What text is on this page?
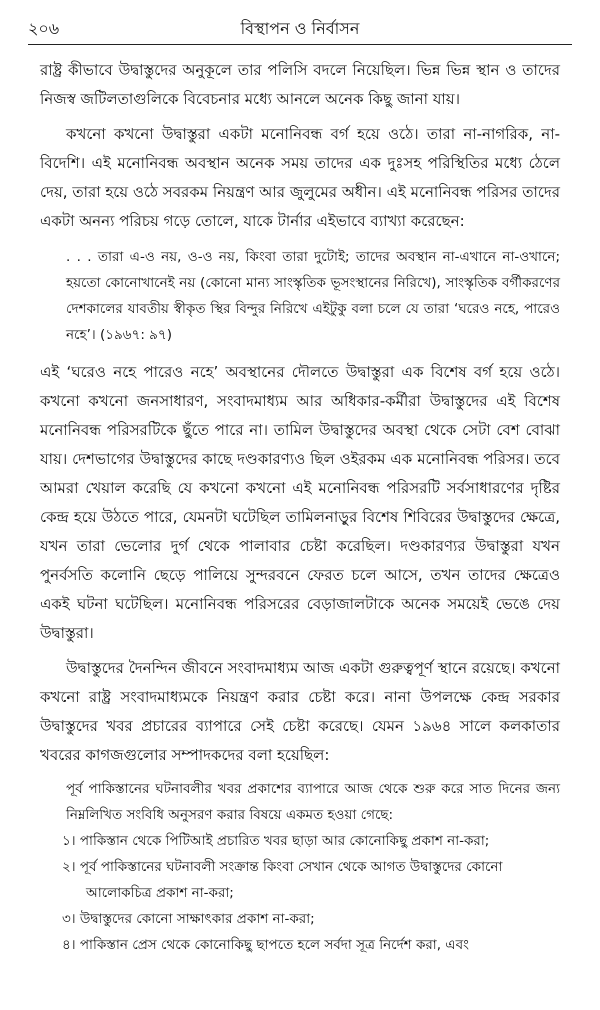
২০৬	বিস্থাপন ও নির্বাসন

রাষ্ট্র কীভাবে উদ্বাস্তুদের অনুকূলে তার পলিসি বদলে নিয়েছিল। ভিন্ন ভিন্ন স্থান ও তাদের নিজস্ব জটিলতাগুলিকে বিবেচনার মধ্যে আনলে অনেক কিছু জানা যায়।

কখনো কখনো উদ্বাস্তুরা একটা মনোনিবন্ধ বর্গ হয়ে ওঠে। তারা না-নাগরিক, না-বিদেশি। এই মনোনিবন্ধ অবস্থান অনেক সময় তাদের এক দুঃসহ পরিস্থিতির মধ্যে ঠেলে দেয়, তারা হয়ে ওঠে সবরকম নিয়ন্ত্রণ আর জুলুমের অধীন। এই মনোনিবন্ধ পরিসর তাদের একটা অনন্য পরিচয় গড়ে তোলে, যাকে টার্নার এইভাবে ব্যাখ্যা করেছেন:

. . . তারা এ-ও নয়, ও-ও নয়, কিংবা তারা দুটোই; তাদের অবস্থান না-এখানে না-ওখানে; হয়তো কোনোখানেই নয় (কোনো মান্য সাংস্কৃতিক ভূসংস্থানের নিরিখে), সাংস্কৃতিক বর্গীকরণের দেশকালের যাবতীয় স্বীকৃত স্থির বিন্দুর নিরিখে এইটুকু বলা চলে যে তারা ‘ঘরেও নহে, পারেও নহে’। (১৯৬৭: ৯৭)

এই ‘ঘরেও নহে পারেও নহে’ অবস্থানের দৌলতে উদ্বাস্তুরা এক বিশেষ বর্গ হয়ে ওঠে। কখনো কখনো জনসাধারণ, সংবাদমাধ্যম আর অধিকার-কর্মীরা উদ্বাস্তুদের এই বিশেষ মনোনিবন্ধ পরিসরটিকে ছুঁতে পারে না। তামিল উদ্বাস্তুদের অবস্থা থেকে সেটা বেশ বোঝা যায়। দেশভাগের উদ্বাস্তুদের কাছে দণ্ডকারণ্যও ছিল ওইরকম এক মনোনিবন্ধ পরিসর। তবে আমরা খেয়াল করেছি যে কখনো কখনো এই মনোনিবন্ধ পরিসরটি সর্বসাধারণের দৃষ্টির কেন্দ্র হয়ে উঠতে পারে, যেমনটা ঘটেছিল তামিলনাড়ুর বিশেষ শিবিরের উদ্বাস্তুদের ক্ষেত্রে, যখন তারা ভেলোর দুর্গ থেকে পালাবার চেষ্টা করেছিল। দণ্ডকারণ্যর উদ্বাস্তুরা যখন পুনর্বসতি কলোনি ছেড়ে পালিয়ে সুন্দরবনে ফেরত চলে আসে, তখন তাদের ক্ষেত্রেও একই ঘটনা ঘটেছিল। মনোনিবন্ধ পরিসরের বেড়াজালটাকে অনেক সময়েই ভেঙে দেয় উদ্বাস্তুরা।

উদ্বাস্তুদের দৈনন্দিন জীবনে সংবাদমাধ্যম আজ একটা গুরুত্বপূর্ণ স্থানে রয়েছে। কখনো কখনো রাষ্ট্র সংবাদমাধ্যমকে নিয়ন্ত্রণ করার চেষ্টা করে। নানা উপলক্ষে কেন্দ্র সরকার উদ্বাস্তুদের খবর প্রচারের ব্যাপারে সেই চেষ্টা করেছে। যেমন ১৯৬৪ সালে কলকাতার খবরের কাগজগুলোর সম্পাদকদের বলা হয়েছিল:

পূর্ব পাকিস্তানের ঘটনাবলীর খবর প্রকাশের ব্যাপারে আজ থেকে শুরু করে সাত দিনের জন্য নিম্নলিখিত সংবিধি অনুসরণ করার বিষয়ে একমত হওয়া গেছে:

১। পাকিস্তান থেকে পিটিআই প্রচারিত খবর ছাড়া আর কোনোকিছু প্রকাশ না-করা;
২। পূর্ব পাকিস্তানের ঘটনাবলী সংক্রান্ত কিংবা সেখান থেকে আগত উদ্বাস্তুদের কোনো আলোকচিত্র প্রকাশ না-করা;
৩। উদ্বাস্তুদের কোনো সাক্ষাৎকার প্রকাশ না-করা;
৪। পাকিস্তান প্রেস থেকে কোনোকিছু ছাপতে হলে সর্বদা সূত্র নির্দেশ করা, এবং
